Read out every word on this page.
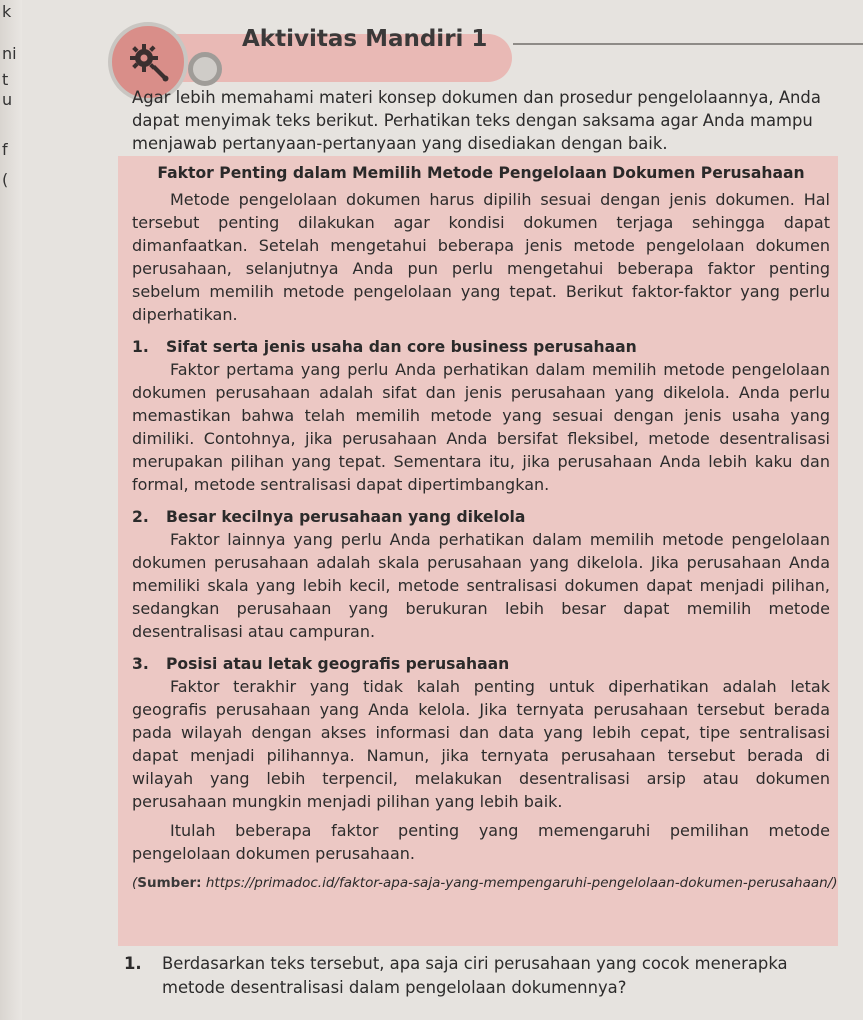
k
ni
t
u
f
(
Aktivitas Mandiri 1

Agar lebih memahami materi konsep dokumen dan prosedur pengelolaannya, Anda

dapat menyimak teks berikut. Perhatikan teks dengan saksama agar Anda mampu

menjawab pertanyaan-pertanyaan yang disediakan dengan baik.

Faktor Penting dalam Memilih Metode Pengelolaan Dokumen Perusahaan

Metode pengelolaan dokumen harus dipilih sesuai dengan jenis dokumen. Hal tersebut penting dilakukan agar kondisi dokumen terjaga sehingga dapat dimanfaatkan. Setelah mengetahui beberapa jenis metode pengelolaan dokumen perusahaan, selanjutnya Anda pun perlu mengetahui beberapa faktor penting sebelum memilih metode pengelolaan yang tepat. Berikut faktor-faktor yang perlu diperhatikan.

1. Sifat serta jenis usaha dan core business perusahaan

Faktor pertama yang perlu Anda perhatikan dalam memilih metode pengelolaan dokumen perusahaan adalah sifat dan jenis perusahaan yang dikelola. Anda perlu memastikan bahwa telah memilih metode yang sesuai dengan jenis usaha yang dimiliki. Contohnya, jika perusahaan Anda bersifat fleksibel, metode desentralisasi merupakan pilihan yang tepat. Sementara itu, jika perusahaan Anda lebih kaku dan formal, metode sentralisasi dapat dipertimbangkan.

2. Besar kecilnya perusahaan yang dikelola

Faktor lainnya yang perlu Anda perhatikan dalam memilih metode pengelolaan dokumen perusahaan adalah skala perusahaan yang dikelola. Jika perusahaan Anda memiliki skala yang lebih kecil, metode sentralisasi dokumen dapat menjadi pilihan, sedangkan perusahaan yang berukuran lebih besar dapat memilih metode desentralisasi atau campuran.

3. Posisi atau letak geografis perusahaan

Faktor terakhir yang tidak kalah penting untuk diperhatikan adalah letak geografis perusahaan yang Anda kelola. Jika ternyata perusahaan tersebut berada pada wilayah dengan akses informasi dan data yang lebih cepat, tipe sentralisasi dapat menjadi pilihannya. Namun, jika ternyata perusahaan tersebut berada di wilayah yang lebih terpencil, melakukan desentralisasi arsip atau dokumen perusahaan mungkin menjadi pilihan yang lebih baik.

Itulah beberapa faktor penting yang memengaruhi pemilihan metode pengelolaan dokumen perusahaan.

(Sumber: https://primadoc.id/faktor-apa-saja-yang-mempengaruhi-pengelolaan-dokumen-perusahaan/)
1. Berdasarkan teks tersebut, apa saja ciri perusahaan yang cocok menerapka
metode desentralisasi dalam pengelolaan dokumennya?
